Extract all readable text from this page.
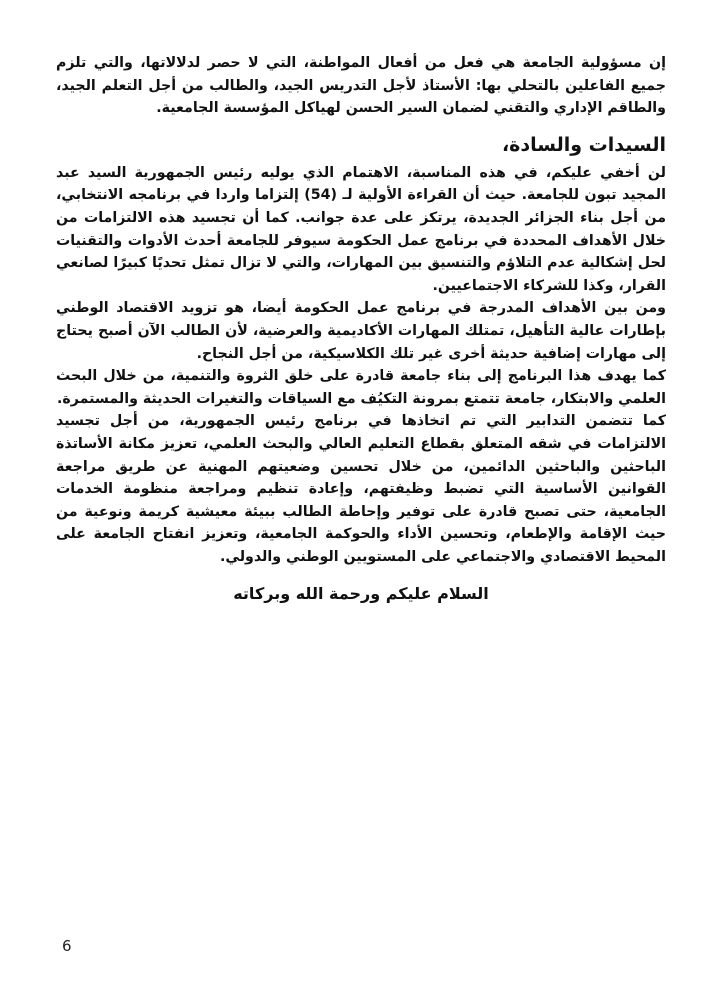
إن مسؤولية الجامعة هي فعل من أفعال المواطنة، التي لا حصر لدلالاتها، والتي تلزم جميع الفاعلين بالتحلي بها: الأستاذ لأجل التدريس الجيد، والطالب من أجل التعلم الجيد، والطاقم الإداري والتقني لضمان السير الحسن لهياكل المؤسسة الجامعية.

السيدات والسادة،

لن أخفي عليكم، في هذه المناسبة، الاهتمام الذي يوليه رئيس الجمهورية السيد عبد المجيد تبون للجامعة. حيث أن القراءة الأولية لـ (54) إلتزاما واردا في برنامجه الانتخابي، من أجل بناء الجزائر الجديدة، يرتكز على عدة جوانب. كما أن تجسيد هذه الالتزامات من خلال الأهداف المحددة في برنامج عمل الحكومة سيوفر للجامعة أحدث الأدوات والتقنيات لحل إشكالية عدم التلاؤم والتنسيق بين المهارات، والتي لا تزال تمثل تحديًا كبيرًا لصانعي القرار، وكذا للشركاء الاجتماعيين.

ومن بين الأهداف المدرجة في برنامج عمل الحكومة أيضا، هو تزويد الاقتصاد الوطني بإطارات عالية التأهيل، تمتلك المهارات الأكاديمية والعرضية، لأن الطالب الآن أصبح يحتاج إلى مهارات إضافية حديثة أخرى غير تلك الكلاسيكية، من أجل النجاح.

كما يهدف هذا البرنامج إلى بناء جامعة قادرة على خلق الثروة والتنمية، من خلال البحث العلمي والابتكار، جامعة تتمتع بمرونة التكيُف مع السياقات والتغيرات الحديثة والمستمرة.

كما تتضمن التدابير التي تم اتخاذها في برنامج رئيس الجمهورية، من أجل تجسيد الالتزامات في شقه المتعلق بقطاع التعليم العالي والبحث العلمي، تعزيز مكانة الأساتذة الباحثين والباحثين الدائمين، من خلال تحسين وضعيتهم المهنية عن طريق مراجعة القوانين الأساسية التي تضبط وظيفتهم، وإعادة تنظيم ومراجعة منظومة الخدمات الجامعية، حتى تصبح قادرة على توفير وإحاطة الطالب ببيئة معيشية كريمة ونوعية من حيث الإقامة والإطعام، وتحسين الأداء والحوكمة الجامعية، وتعزيز انفتاح الجامعة على المحيط الاقتصادي والاجتماعي على المستويين الوطني والدولي.

السلام عليكم ورحمة الله وبركاته
6
